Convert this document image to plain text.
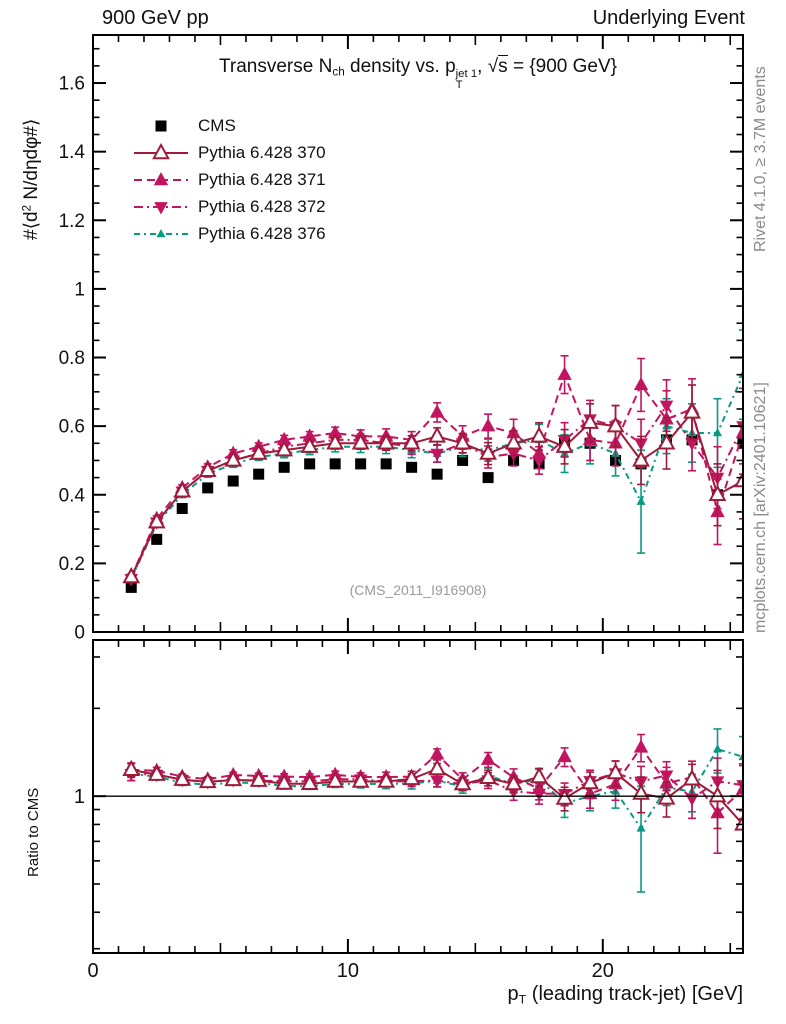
900 GeV pp	Underlying Event
Transverse Nch density vs. p jet 1
T
, √s = {900 GeV}
$\#⟨d^2$ N/dηdφ#⟩
Ratio to CMS
Rivet 4.1.0, ≥ 3.7M events
mcplots.cern.ch [arXiv:2401.10621]
(CMS_2011_I916908)
CMS
Pythia 6.428 370
Pythia 6.428 371
Pythia 6.428 372
Pythia 6.428 376
0	10	20
0
0.2
0.4
0.6
0.8
1
1.2
1.4
1.6
1
pT (leading track-jet) [GeV]
